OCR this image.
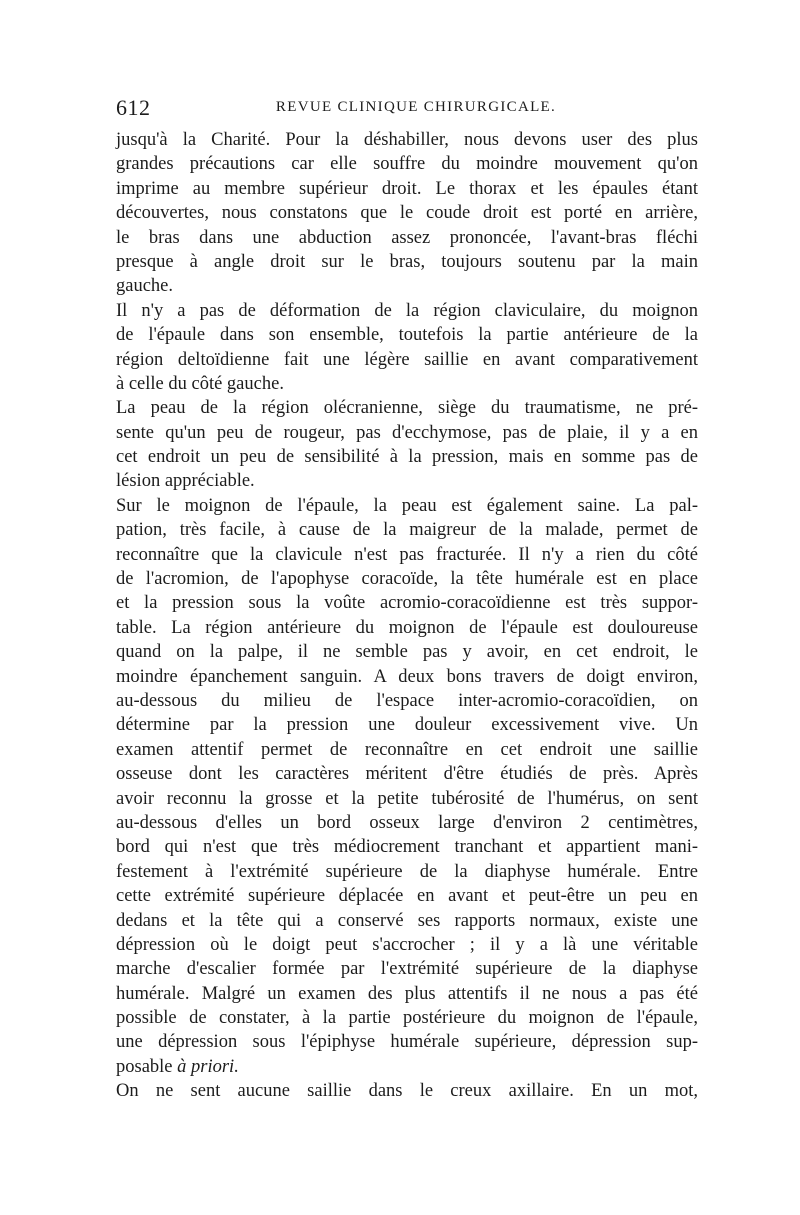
612	REVUE CLINIQUE CHIRURGICALE.
jusqu'à la Charité. Pour la déshabiller, nous devons user des plus
grandes précautions car elle souffre du moindre mouvement qu'on
imprime au membre supérieur droit. Le thorax et les épaules étant
découvertes, nous constatons que le coude droit est porté en arrière,
le bras dans une abduction assez prononcée, l'avant-bras fléchi
presque à angle droit sur le bras, toujours soutenu par la main
gauche.
Il n'y a pas de déformation de la région claviculaire, du moignon
de l'épaule dans son ensemble, toutefois la partie antérieure de la
région deltoïdienne fait une légère saillie en avant comparativement
à celle du côté gauche.
La peau de la région olécranienne, siège du traumatisme, ne pré-
sente qu'un peu de rougeur, pas d'ecchymose, pas de plaie, il y a en
cet endroit un peu de sensibilité à la pression, mais en somme pas de
lésion appréciable.
Sur le moignon de l'épaule, la peau est également saine. La pal-
pation, très facile, à cause de la maigreur de la malade, permet de
reconnaître que la clavicule n'est pas fracturée. Il n'y a rien du côté
de l'acromion, de l'apophyse coracoïde, la tête humérale est en place
et la pression sous la voûte acromio-coracoïdienne est très suppor-
table. La région antérieure du moignon de l'épaule est douloureuse
quand on la palpe, il ne semble pas y avoir, en cet endroit, le
moindre épanchement sanguin. A deux bons travers de doigt environ,
au-dessous du milieu de l'espace inter-acromio-coracoïdien, on
détermine par la pression une douleur excessivement vive. Un
examen attentif permet de reconnaître en cet endroit une saillie
osseuse dont les caractères méritent d'être étudiés de près. Après
avoir reconnu la grosse et la petite tubérosité de l'humérus, on sent
au-dessous d'elles un bord osseux large d'environ 2 centimètres,
bord qui n'est que très médiocrement tranchant et appartient mani-
festement à l'extrémité supérieure de la diaphyse humérale. Entre
cette extrémité supérieure déplacée en avant et peut-être un peu en
dedans et la tête qui a conservé ses rapports normaux, existe une
dépression où le doigt peut s'accrocher ; il y a là une véritable
marche d'escalier formée par l'extrémité supérieure de la diaphyse
humérale. Malgré un examen des plus attentifs il ne nous a pas été
possible de constater, à la partie postérieure du moignon de l'épaule,
une dépression sous l'épiphyse humérale supérieure, dépression sup-
posable à priori.
On ne sent aucune saillie dans le creux axillaire. En un mot,
